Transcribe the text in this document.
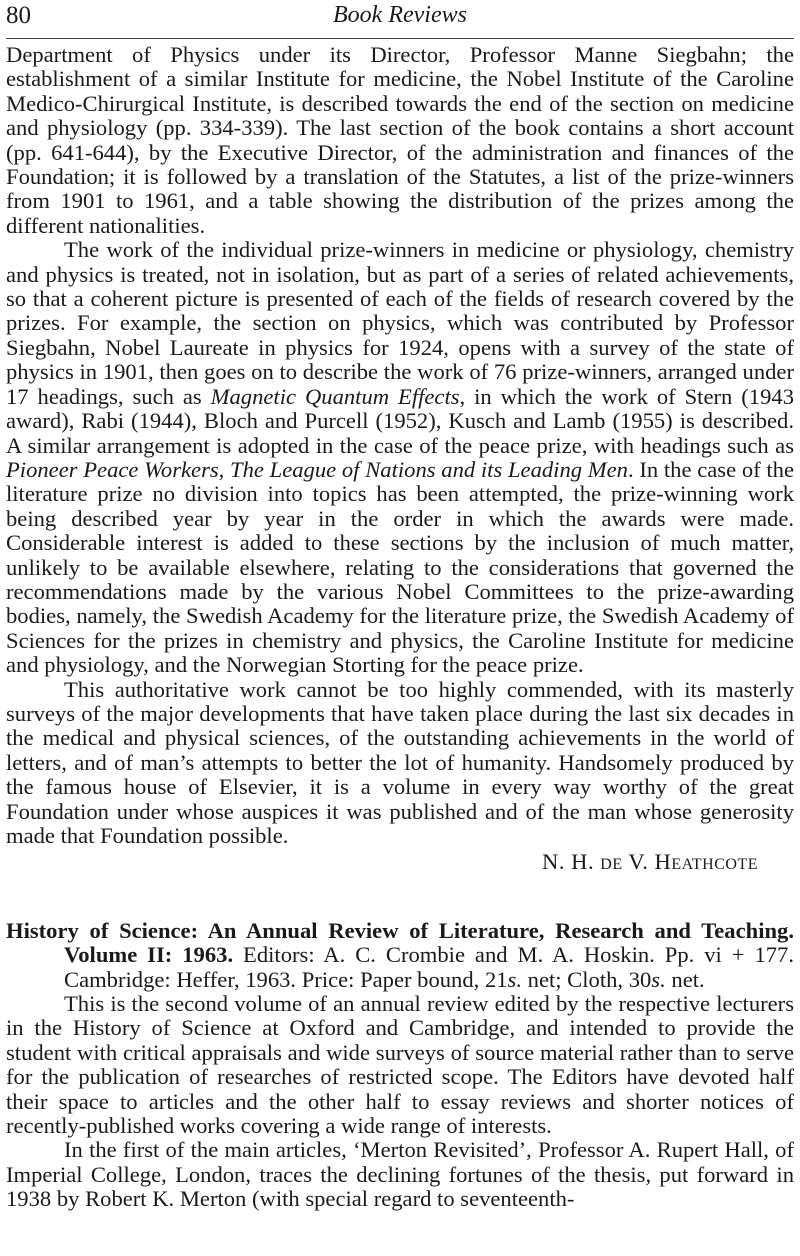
80	Book Reviews

Department of Physics under its Director, Professor Manne Siegbahn; the establishment of a similar Institute for medicine, the Nobel Institute of the Caroline Medico-Chirurgical Institute, is described towards the end of the section on medicine and physiology (pp. 334-339). The last section of the book contains a short account (pp. 641-644), by the Executive Director, of the administration and finances of the Foundation; it is followed by a translation of the Statutes, a list of the prize-winners from 1901 to 1961, and a table showing the distribution of the prizes among the different nationalities.

The work of the individual prize-winners in medicine or physiology, chemistry and physics is treated, not in isolation, but as part of a series of related achievements, so that a coherent picture is presented of each of the fields of research covered by the prizes. For example, the section on physics, which was contributed by Professor Siegbahn, Nobel Laureate in physics for 1924, opens with a survey of the state of physics in 1901, then goes on to describe the work of 76 prize-winners, arranged under 17 headings, such as Magnetic Quantum Effects, in which the work of Stern (1943 award), Rabi (1944), Bloch and Purcell (1952), Kusch and Lamb (1955) is described. A similar arrangement is adopted in the case of the peace prize, with headings such as Pioneer Peace Workers, The League of Nations and its Leading Men. In the case of the literature prize no division into topics has been attempted, the prize-winning work being described year by year in the order in which the awards were made. Considerable interest is added to these sections by the inclusion of much matter, unlikely to be available elsewhere, relating to the considerations that governed the recommendations made by the various Nobel Committees to the prize-awarding bodies, namely, the Swedish Academy for the literature prize, the Swedish Academy of Sciences for the prizes in chemistry and physics, the Caroline Institute for medicine and physiology, and the Norwegian Storting for the peace prize.

This authoritative work cannot be too highly commended, with its masterly surveys of the major developments that have taken place during the last six decades in the medical and physical sciences, of the outstanding achievements in the world of letters, and of man’s attempts to better the lot of humanity. Handsomely produced by the famous house of Elsevier, it is a volume in every way worthy of the great Foundation under whose auspices it was published and of the man whose generosity made that Foundation possible.

N. H. de V. Heathcote

History of Science: An Annual Review of Literature, Research and Teaching. Volume II: 1963. Editors: A. C. Crombie and M. A. Hoskin. Pp. vi + 177. Cambridge: Heffer, 1963. Price: Paper bound, 21s. net; Cloth, 30s. net.

This is the second volume of an annual review edited by the respective lecturers in the History of Science at Oxford and Cambridge, and intended to provide the student with critical appraisals and wide surveys of source material rather than to serve for the publication of researches of restricted scope. The Editors have devoted half their space to articles and the other half to essay reviews and shorter notices of recently-published works covering a wide range of interests.

In the first of the main articles, ‘Merton Revisited’, Professor A. Rupert Hall, of Imperial College, London, traces the declining fortunes of the thesis, put forward in 1938 by Robert K. Merton (with special regard to seventeenth-
